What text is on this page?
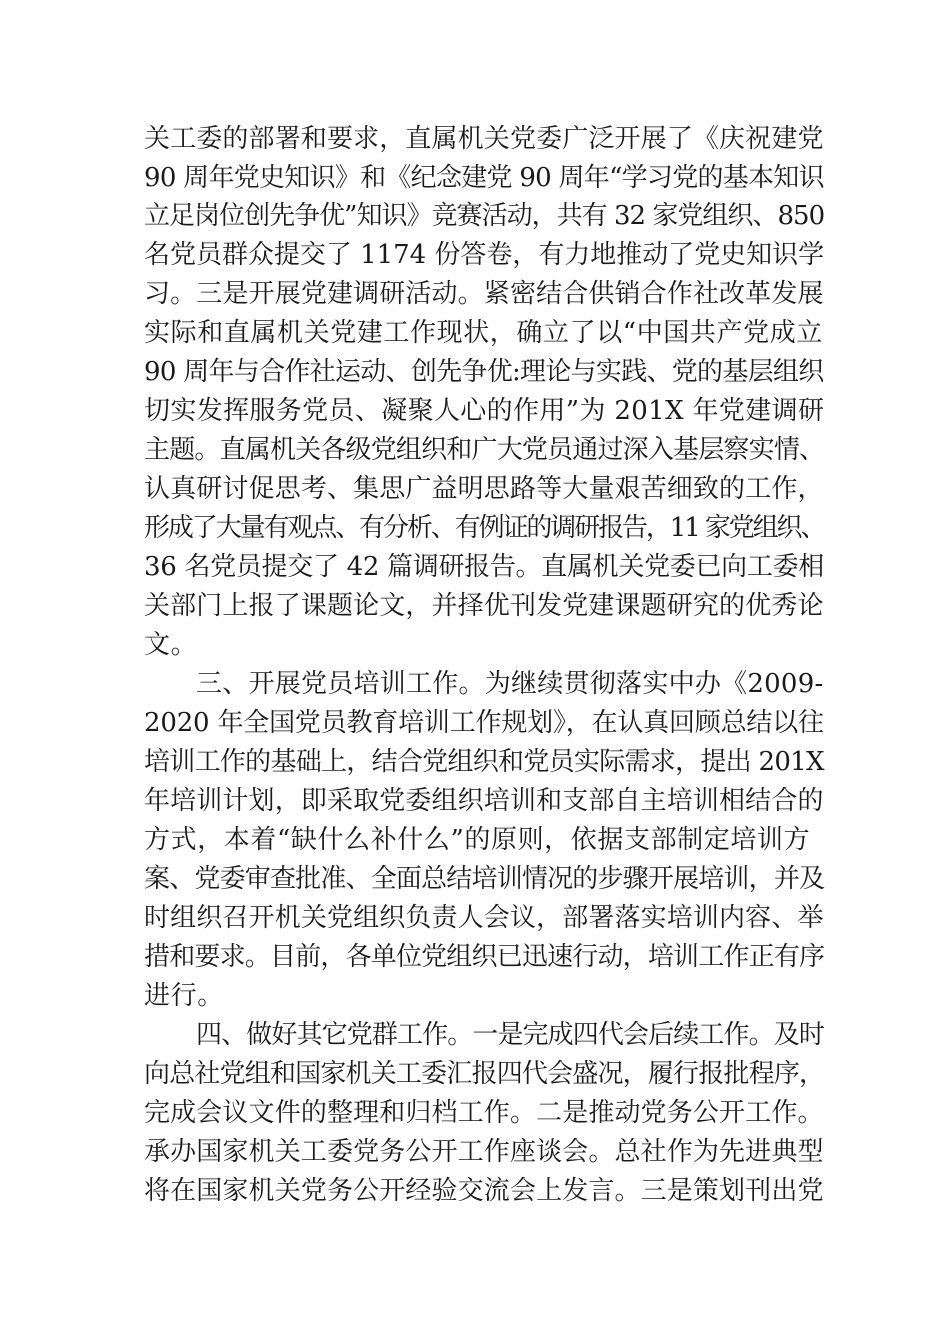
关工委的部署和要求，直属机关党委广泛开展了《庆祝建党
90 周年党史知识》和《纪念建党 90 周年“学习党的基本知识
立足岗位创先争优”知识》竞赛活动，共有 32 家党组织、850
名党员群众提交了 1174 份答卷，有力地推动了党史知识学
习。三是开展党建调研活动。紧密结合供销合作社改革发展
实际和直属机关党建工作现状，确立了以“中国共产党成立
90 周年与合作社运动、创先争优:理论与实践、党的基层组织
切实发挥服务党员、凝聚人心的作用”为 201X 年党建调研
主题。直属机关各级党组织和广大党员通过深入基层察实情、
认真研讨促思考、集思广益明思路等大量艰苦细致的工作，
形成了大量有观点、有分析、有例证的调研报告，11 家党组织、
36 名党员提交了 42 篇调研报告。直属机关党委已向工委相
关部门上报了课题论文，并择优刊发党建课题研究的优秀论
文。
三、开展党员培训工作。为继续贯彻落实中办《2009-
2020 年全国党员教育培训工作规划》，在认真回顾总结以往
培训工作的基础上，结合党组织和党员实际需求，提出 201X
年培训计划，即采取党委组织培训和支部自主培训相结合的
方式，本着“缺什么补什么”的原则，依据支部制定培训方
案、党委审查批准、全面总结培训情况的步骤开展培训，并及
时组织召开机关党组织负责人会议，部署落实培训内容、举
措和要求。目前，各单位党组织已迅速行动，培训工作正有序
进行。
四、做好其它党群工作。一是完成四代会后续工作。及时
向总社党组和国家机关工委汇报四代会盛况，履行报批程序，
完成会议文件的整理和归档工作。二是推动党务公开工作。
承办国家机关工委党务公开工作座谈会。总社作为先进典型
将在国家机关党务公开经验交流会上发言。三是策划刊出党
